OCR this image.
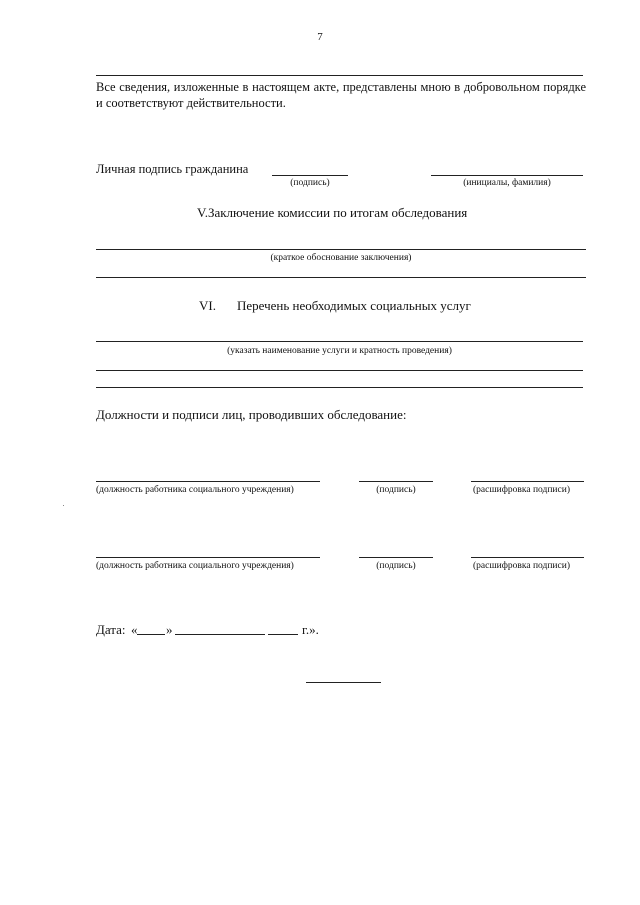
7
Все сведения, изложенные в настоящем акте, представлены мною в добровольном порядке и соответствуют действительности.
Личная подпись гражданина
(подпись)	(инициалы, фамилия)
V.Заключение комиссии по итогам обследования
(краткое обоснование заключения)
VI. Перечень необходимых социальных услуг
(указать наименование услуги и кратность проведения)
Должности и подписи лиц, проводивших обследование:
(должность работника социального учреждения)	(подпись)	(расшифровка подписи)
(должность работника социального учреждения)	(подпись)	(расшифровка подписи)
Дата: « »	г.».
